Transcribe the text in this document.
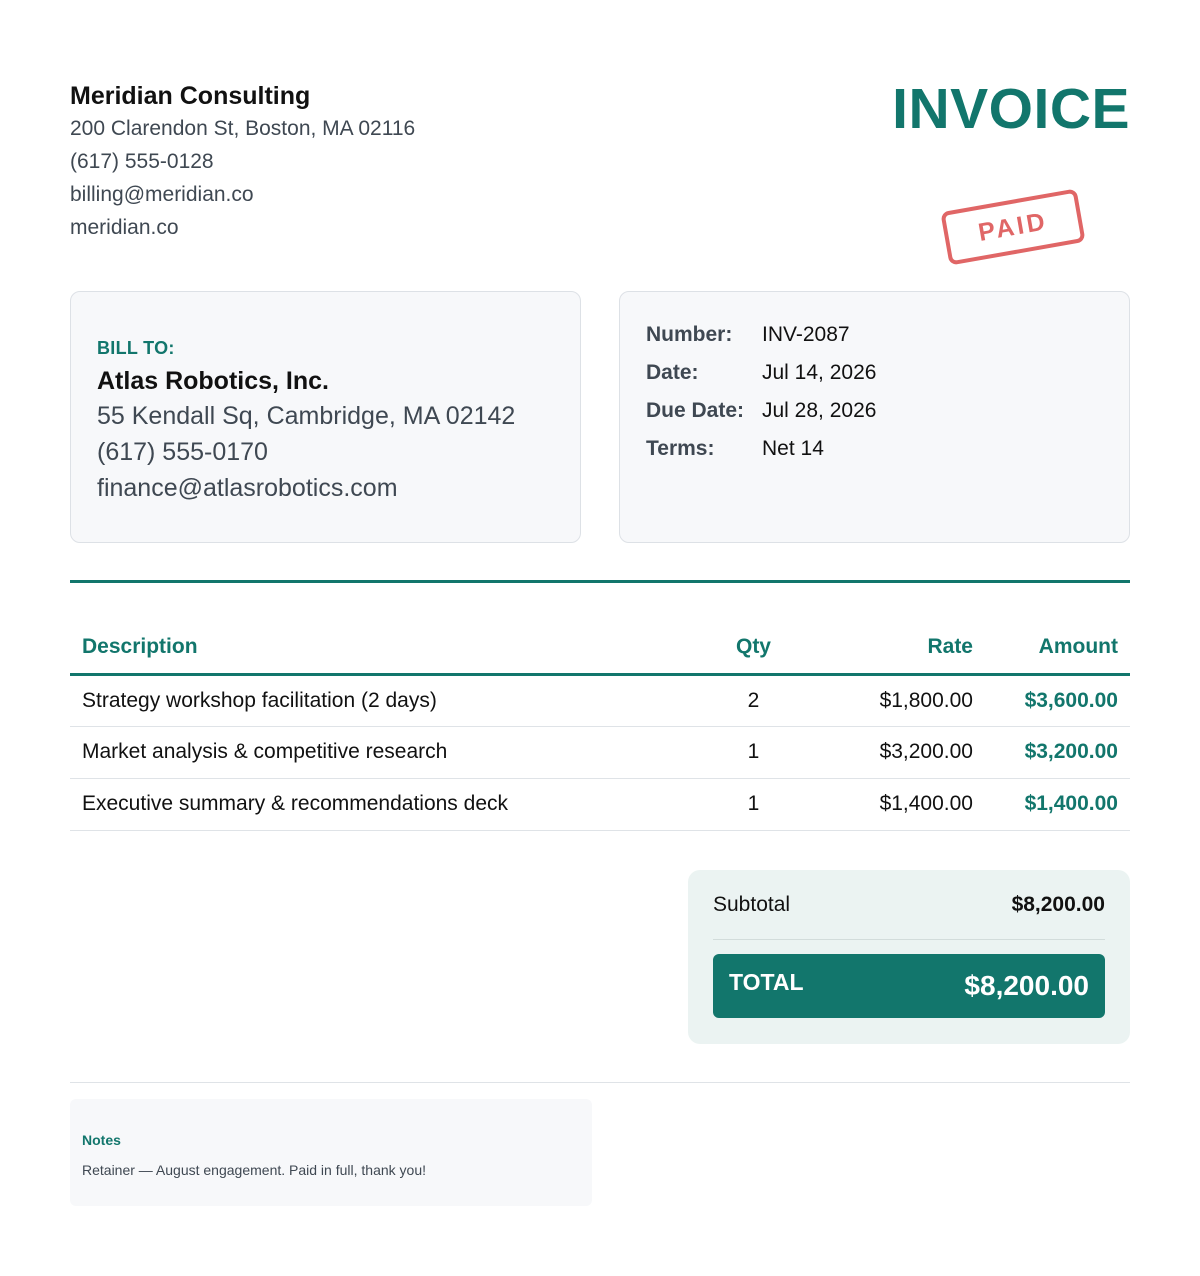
Meridian Consulting
200 Clarendon St, Boston, MA 02116
(617) 555-0128
billing@meridian.co
meridian.co
INVOICE
PAID
BILL TO:
Atlas Robotics, Inc.
55 Kendall Sq, Cambridge, MA 02142
(617) 555-0170
finance@atlasrobotics.com
Number:	INV-2087
Date:	Jul 14, 2026
Due Date: Jul 28, 2026
Terms:	Net 14
Description	Qty	Rate	Amount
Strategy workshop facilitation (2 days)	2	$1,800.00	$3,600.00
Market analysis & competitive research	1	$3,200.00	$3,200.00
Executive summary & recommendations deck	1	$1,400.00	$1,400.00
Subtotal	$8,200.00
TOTAL	$8,200.00
Notes
Retainer — August engagement. Paid in full, thank you!
